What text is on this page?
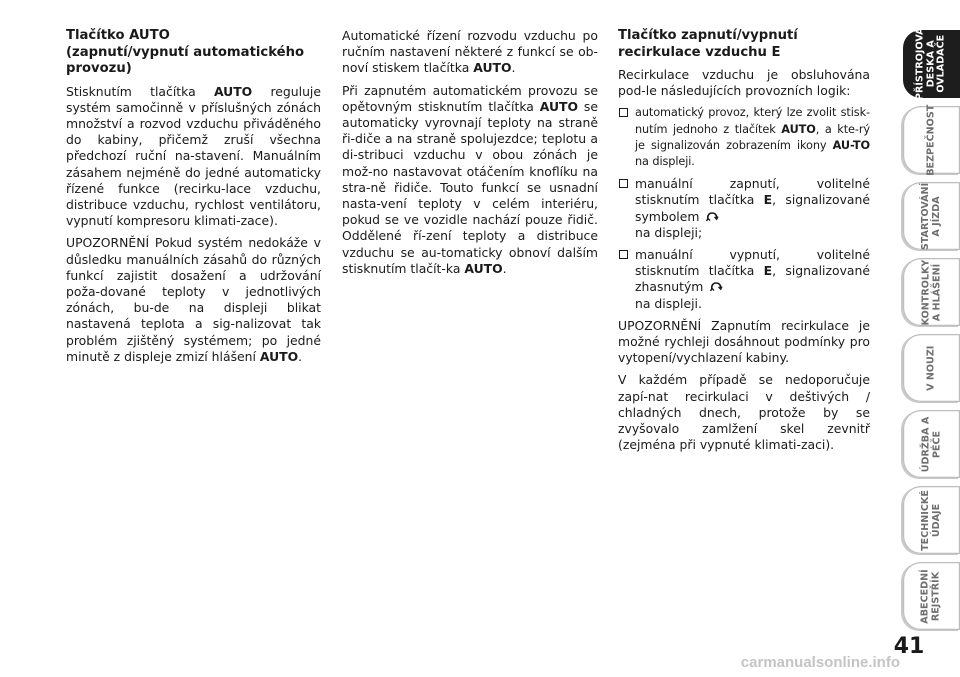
Tlačítko AUTO
(zapnutí/vypnutí automatického provozu)

Stisknutím tlačítka AUTO reguluje systém samočinně v příslušných zónách množství a rozvod vzduchu přiváděného do kabiny, přičemž zruší všechna předchozí ruční na-stavení. Manuálním zásahem nejméně do jedné automaticky řízené funkce (recirku-lace vzduchu, distribuce vzduchu, rychlost ventilátoru, vypnutí kompresoru klimati-zace).

UPOZORNĚNÍ Pokud systém nedokáže v důsledku manuálních zásahů do různých funkcí zajistit dosažení a udržování poža-dované teploty v jednotlivých zónách, bu-de na displeji blikat nastavená teplota a sig-nalizovat tak problém zjištěný systémem; po jedné minutě z displeje zmizí hlášení AUTO.

Automatické řízení rozvodu vzduchu po ručním nastavení některé z funkcí se ob-noví stiskem tlačítka AUTO.

Při zapnutém automatickém provozu se opětovným stisknutím tlačítka AUTO se automaticky vyrovnají teploty na straně ři-diče a na straně spolujezdce; teplotu a di-stribuci vzduchu v obou zónách je mož-no nastavovat otáčením knoflíku na stra-ně řidiče. Touto funkcí se usnadní nasta-vení teploty v celém interiéru, pokud se ve vozidle nachází pouze řidič. Oddělené ří-zení teploty a distribuce vzduchu se au-tomaticky obnoví dalším stisknutím tlačít-ka AUTO.

Tlačítko zapnutí/vypnutí
recirkulace vzduchu E

Recirkulace vzduchu je obsluhována pod-le následujících provozních logik:

automatický provoz, který lze zvolit stisk-nutím jednoho z tlačítek AUTO, a kte-rý je signalizován zobrazením ikony AU-TO na displeji.
manuální zapnutí, volitelné stisknutím tlačítka E, signalizované symbolem
na displeji;
manuální vypnutí, volitelné stisknutím tlačítka E, signalizované zhasnutým
na displeji.

UPOZORNĚNÍ Zapnutím recirkulace je možné rychleji dosáhnout podmínky pro vytopení/vychlazení kabiny.

V každém případě se nedoporučuje zapí-nat recirkulaci v deštivých / chladných dnech, protože by se zvyšovalo zamlžení skel zevnitř (zejména při vypnuté klimati-zaci).

PŘÍSTROJOVÁ
DESKA A
OVLADAČE
BEZPEČNOST
STARTOVÁNÍ
A JÍZDA
KONTROLKY
A HLÁŠENÍ
V NOUZI
ÚDRŽBA A
PÉČE
TECHNICKÉ
ÚDAJE
ABECEDNÍ
REJSTŘÍK
41
carmanualsonline.info
